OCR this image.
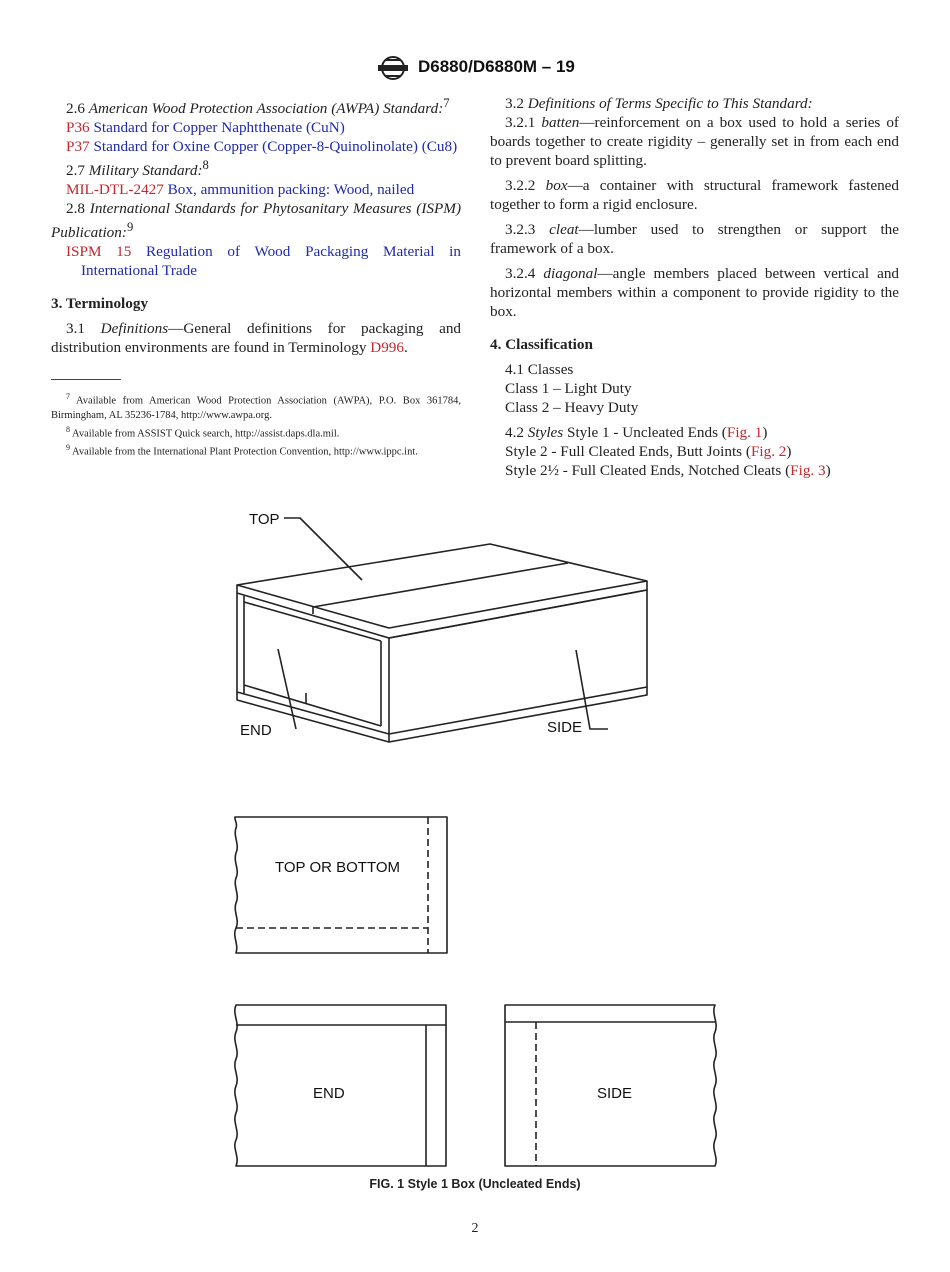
D6880/D6880M – 19

2.6 American Wood Protection Association (AWPA) Standard:$^7$

P36 Standard for Copper Naphtthenate (CuN)

P37 Standard for Oxine Copper (Copper-8-Quinolinolate) (Cu8)

2.7 Military Standard:$^8$

MIL-DTL-2427 Box, ammunition packing: Wood, nailed

2.8 International Standards for Phytosanitary Measures (ISPM) Publication:$^9$

ISPM 15 Regulation of Wood Packaging Material in International Trade

3. Terminology

3.1 Definitions—General definitions for packaging and distribution environments are found in Terminology D996.

$^7$ Available from American Wood Protection Association (AWPA), P.O. Box 361784, Birmingham, AL 35236-1784, http://www.awpa.org.

$^8$ Available from ASSIST Quick search, http://assist.daps.dla.mil.

$^9$ Available from the International Plant Protection Convention, http://www.ippc.int.

3.2 Definitions of Terms Specific to This Standard:

3.2.1 batten—reinforcement on a box used to hold a series of boards together to create rigidity – generally set in from each end to prevent board splitting.

3.2.2 box—a container with structural framework fastened together to form a rigid enclosure.

3.2.3 cleat—lumber used to strengthen or support the framework of a box.

3.2.4 diagonal—angle members placed between vertical and horizontal members within a component to provide rigidity to the box.

4. Classification

4.1 Classes

Class 1 – Light Duty

Class 2 – Heavy Duty

4.2 Styles Style 1 - Uncleated Ends (Fig. 1)

Style 2 - Full Cleated Ends, Butt Joints (Fig. 2)

Style 2½ - Full Cleated Ends, Notched Cleats (Fig. 3)

TOP
END	SIDE
TOP OR BOTTOM
END	SIDE
FIG. 1 Style 1 Box (Uncleated Ends)
2
